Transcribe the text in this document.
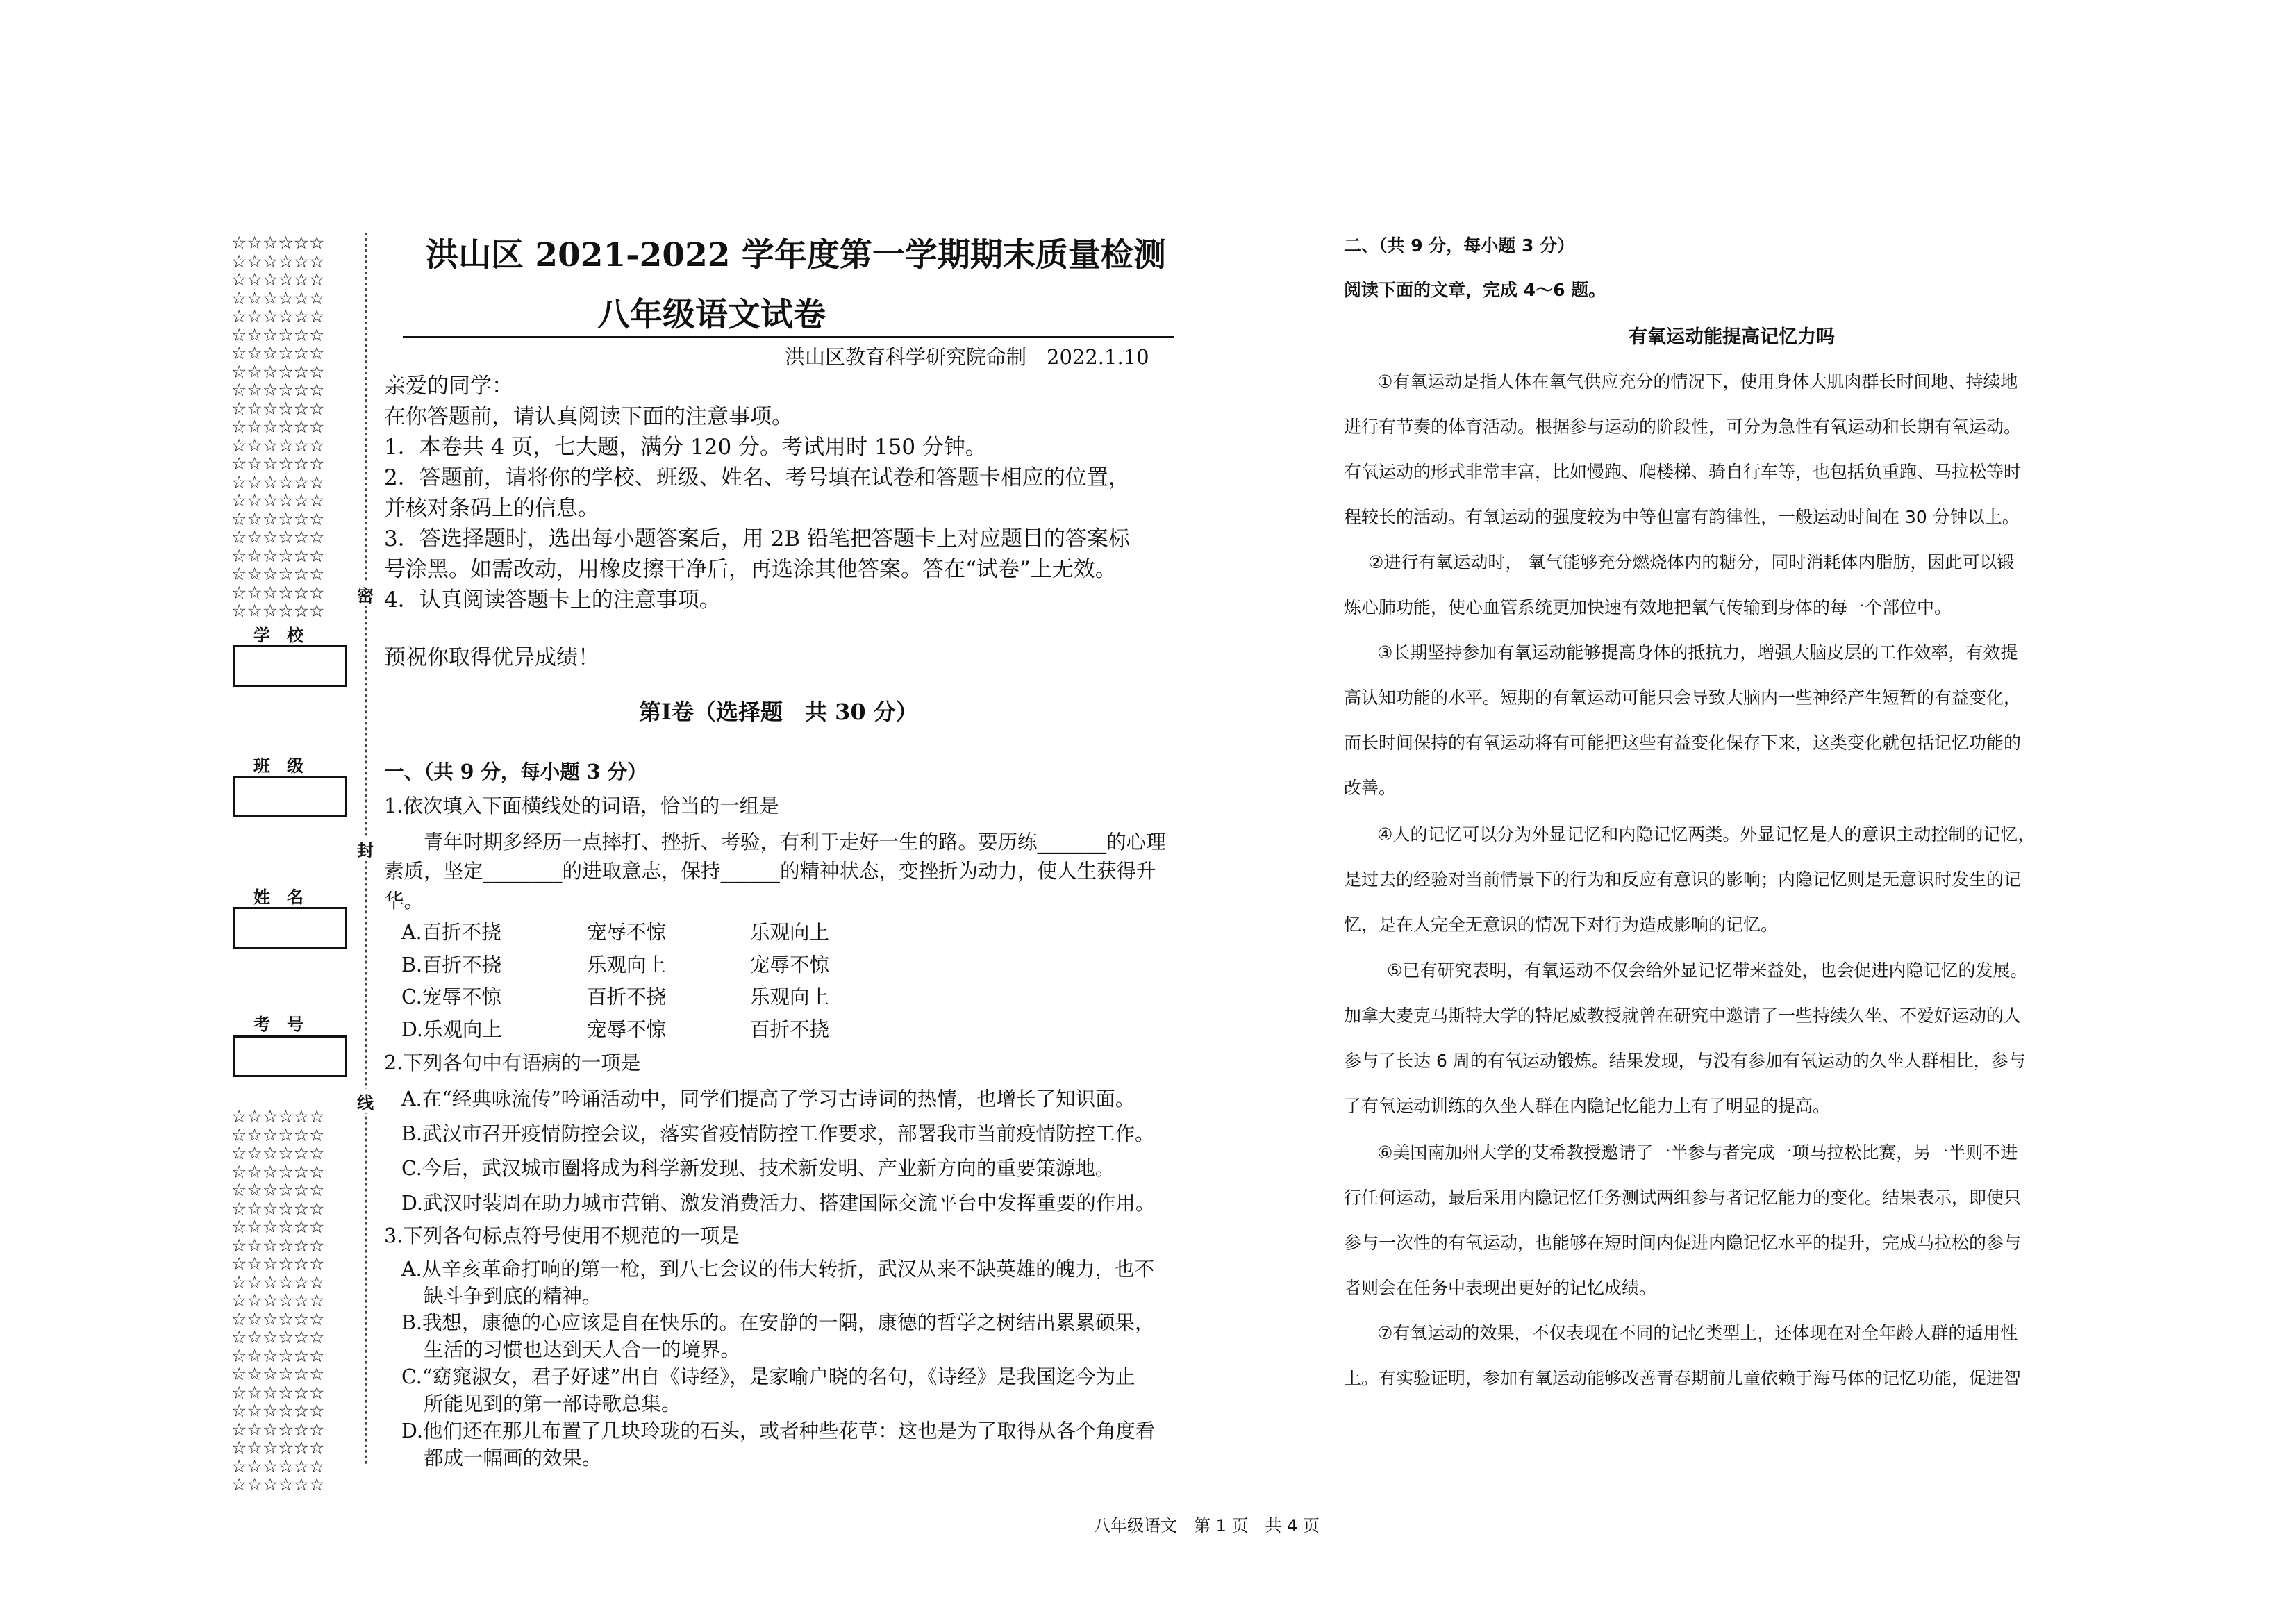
☆☆☆☆☆☆
☆☆☆☆☆☆
☆☆☆☆☆☆
☆☆☆☆☆☆
☆☆☆☆☆☆
☆☆☆☆☆☆
☆☆☆☆☆☆
☆☆☆☆☆☆
☆☆☆☆☆☆
☆☆☆☆☆☆
☆☆☆☆☆☆
☆☆☆☆☆☆
☆☆☆☆☆☆
☆☆☆☆☆☆
☆☆☆☆☆☆
☆☆☆☆☆☆
☆☆☆☆☆☆
☆☆☆☆☆☆
☆☆☆☆☆☆
☆☆☆☆☆☆
☆☆☆☆☆☆
☆☆☆☆☆☆
☆☆☆☆☆☆
☆☆☆☆☆☆
☆☆☆☆☆☆
☆☆☆☆☆☆
☆☆☆☆☆☆
☆☆☆☆☆☆
☆☆☆☆☆☆
☆☆☆☆☆☆
☆☆☆☆☆☆
☆☆☆☆☆☆
☆☆☆☆☆☆
☆☆☆☆☆☆
☆☆☆☆☆☆
☆☆☆☆☆☆
☆☆☆☆☆☆
☆☆☆☆☆☆
☆☆☆☆☆☆
☆☆☆☆☆☆
☆☆☆☆☆☆
☆☆☆☆☆☆
密
封
线
学　校
班　级
姓　名
考　号
洪山区 2021-2022 学年度第一学期期末质量检测
八年级语文试卷
洪山区教育科学研究院命制　2022.1.10
亲爱的同学：
在你答题前，请认真阅读下面的注意事项。
1．本卷共 4 页，七大题，满分 120 分。考试用时 150 分钟。
2．答题前，请将你的学校、班级、姓名、考号填在试卷和答题卡相应的位置，
并核对条码上的信息。
3．答选择题时，选出每小题答案后，用 2B 铅笔把答题卡上对应题目的答案标
号涂黑。如需改动，用橡皮擦干净后，再选涂其他答案。答在“试卷”上无效。
4．认真阅读答题卡上的注意事项。
预祝你取得优异成绩！
第Ⅰ卷（选择题　共 30 分）
一、（共 9 分，每小题 3 分）
1.依次填入下面横线处的词语，恰当的一组是
青年时期多经历一点摔打、挫折、考验，有利于走好一生的路。要历练_______的心理
素质，坚定________的进取意志，保持______的精神状态，变挫折为动力，使人生获得升
华。
A.百折不挠	宠辱不惊	乐观向上
B.百折不挠	乐观向上	宠辱不惊
C.宠辱不惊	百折不挠	乐观向上
D.乐观向上	宠辱不惊	百折不挠
2.下列各句中有语病的一项是
A.在“经典咏流传”吟诵活动中，同学们提高了学习古诗词的热情，也增长了知识面。
B.武汉市召开疫情防控会议，落实省疫情防控工作要求，部署我市当前疫情防控工作。
C.今后，武汉城市圈将成为科学新发现、技术新发明、产业新方向的重要策源地。
D.武汉时装周在助力城市营销、激发消费活力、搭建国际交流平台中发挥重要的作用。
3.下列各句标点符号使用不规范的一项是
A.从辛亥革命打响的第一枪，到八七会议的伟大转折，武汉从来不缺英雄的魄力，也不
缺斗争到底的精神。
B.我想，康德的心应该是自在快乐的。在安静的一隅，康德的哲学之树结出累累硕果，
生活的习惯也达到天人合一的境界。
C.“窈窕淑女，君子好逑”出自《诗经》，是家喻户晓的名句，《诗经》是我国迄今为止
所能见到的第一部诗歌总集。
D.他们还在那儿布置了几块玲珑的石头，或者种些花草：这也是为了取得从各个角度看
都成一幅画的效果。
二、（共 9 分，每小题 3 分）
阅读下面的文章，完成 4～6 题。
有氧运动能提高记忆力吗
①有氧运动是指人体在氧气供应充分的情况下，使用身体大肌肉群长时间地、持续地
进行有节奏的体育活动。根据参与运动的阶段性，可分为急性有氧运动和长期有氧运动。
有氧运动的形式非常丰富，比如慢跑、爬楼梯、骑自行车等，也包括负重跑、马拉松等时
程较长的活动。有氧运动的强度较为中等但富有韵律性，一般运动时间在 30 分钟以上。
②进行有氧运动时， 氧气能够充分燃烧体内的糖分，同时消耗体内脂肪，因此可以锻
炼心肺功能，使心血管系统更加快速有效地把氧气传输到身体的每一个部位中。
③长期坚持参加有氧运动能够提高身体的抵抗力，增强大脑皮层的工作效率，有效提
高认知功能的水平。短期的有氧运动可能只会导致大脑内一些神经产生短暂的有益变化，
而长时间保持的有氧运动将有可能把这些有益变化保存下来，这类变化就包括记忆功能的
改善。
④人的记忆可以分为外显记忆和内隐记忆两类。外显记忆是人的意识主动控制的记忆，
是过去的经验对当前情景下的行为和反应有意识的影响；内隐记忆则是无意识时发生的记
忆，是在人完全无意识的情况下对行为造成影响的记忆。
⑤已有研究表明，有氧运动不仅会给外显记忆带来益处，也会促进内隐记忆的发展。
加拿大麦克马斯特大学的特尼威教授就曾在研究中邀请了一些持续久坐、不爱好运动的人
参与了长达 6 周的有氧运动锻炼。结果发现，与没有参加有氧运动的久坐人群相比，参与
了有氧运动训练的久坐人群在内隐记忆能力上有了明显的提高。
⑥美国南加州大学的艾希教授邀请了一半参与者完成一项马拉松比赛，另一半则不进
行任何运动，最后采用内隐记忆任务测试两组参与者记忆能力的变化。结果表示，即使只
参与一次性的有氧运动，也能够在短时间内促进内隐记忆水平的提升，完成马拉松的参与
者则会在任务中表现出更好的记忆成绩。
⑦有氧运动的效果，不仅表现在不同的记忆类型上，还体现在对全年龄人群的适用性
上。有实验证明，参加有氧运动能够改善青春期前儿童依赖于海马体的记忆功能，促进智
八年级语文　第 1 页　共 4 页
